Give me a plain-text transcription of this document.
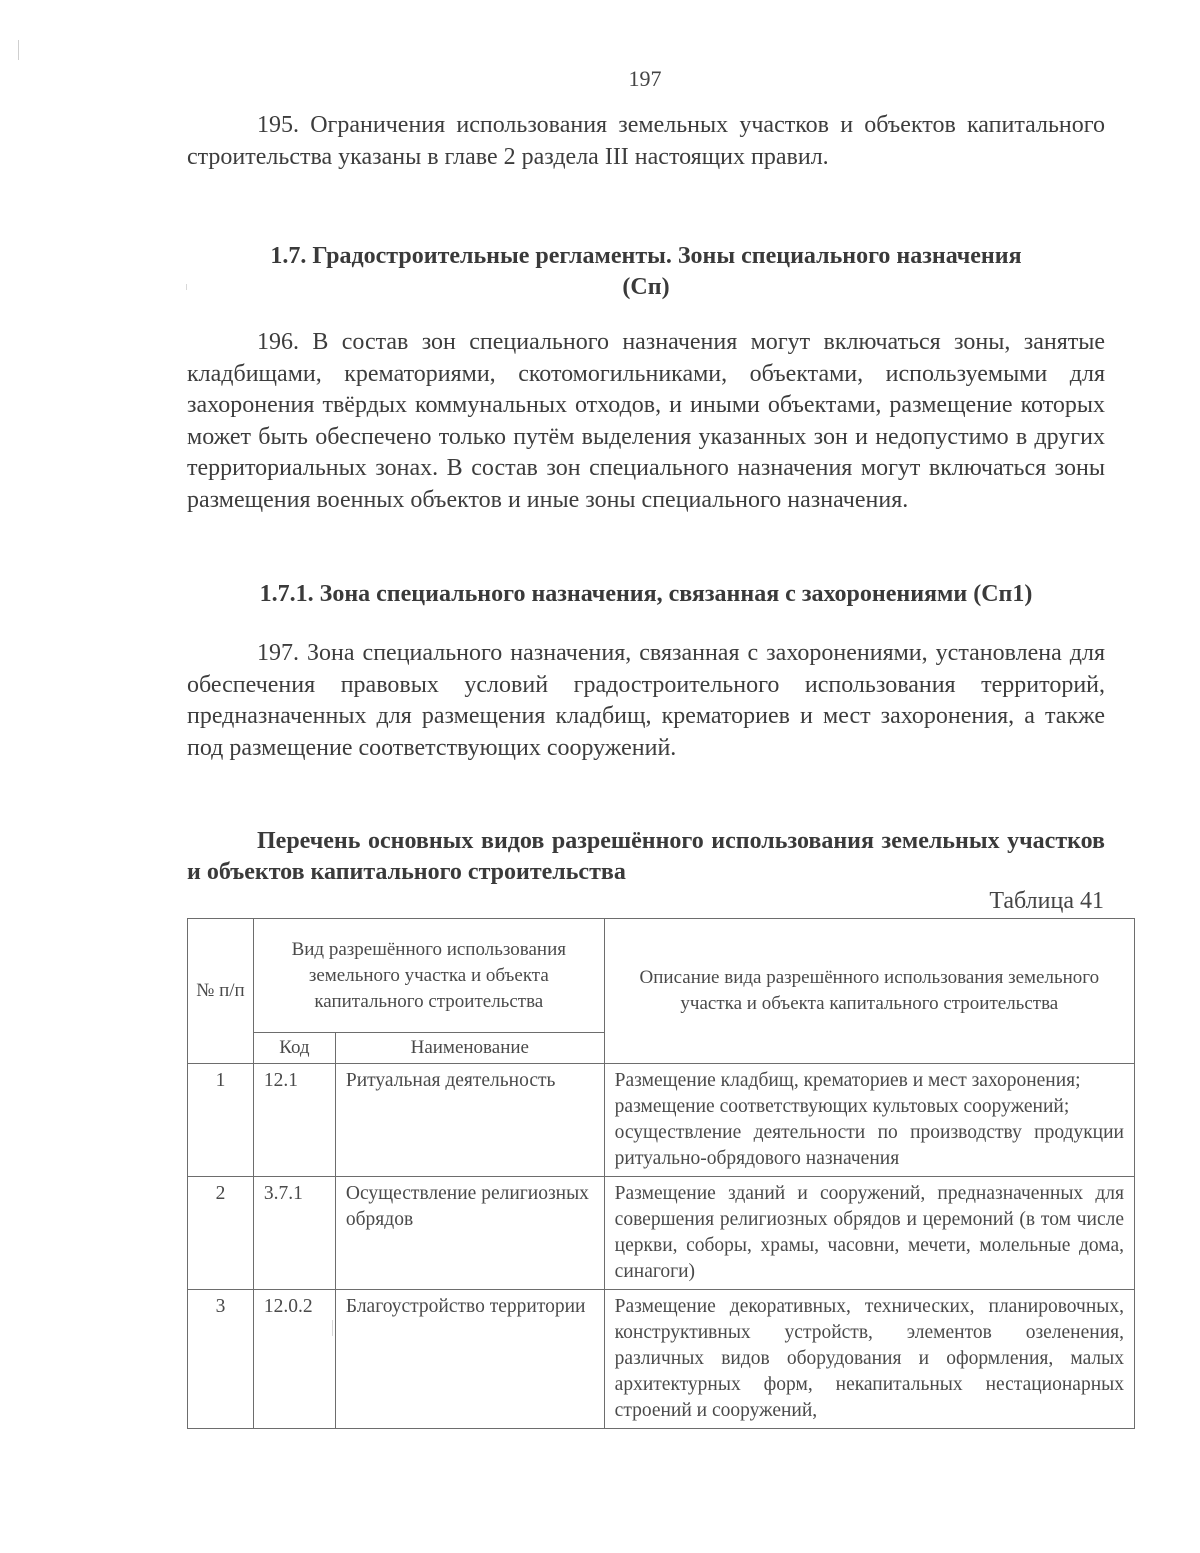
197

195. Ограничения использования земельных участков и объектов капитального строительства указаны в главе 2 раздела III настоящих правил.

1.7. Градостроительные регламенты. Зоны специального назначения
(Сп)

196. В состав зон специального назначения могут включаться зоны, занятые кладбищами, крематориями, скотомогильниками, объектами, используемыми для захоронения твёрдых коммунальных отходов, и иными объектами, размещение которых может быть обеспечено только путём выделения указанных зон и недопустимо в других территориальных зонах. В состав зон специального назначения могут включаться зоны размещения военных объектов и иные зоны специального назначения.

1.7.1. Зона специального назначения, связанная с захоронениями (Сп1)

197. Зона специального назначения, связанная с захоронениями, установлена для обеспечения правовых условий градостроительного использования территорий, предназначенных для размещения кладбищ, крематориев и мест захоронения, а также под размещение соответствующих сооружений.

Перечень основных видов разрешённого использования земельных участков и объектов капитального строительства
Таблица 41
№ п/п	Вид разрешённого использования земельного участка и объекта капитального строительства		Описание вида разрешённого использования земельного участка и объекта капитального строительства
	Код	Наименование	
1	12.1	Ритуальная деятельность	Размещение кладбищ, крематориев и мест захоронения;
размещение соответствующих культовых сооружений;
осуществление деятельности по производству продукции ритуально-обрядового назначения

2	3.7.1	Осуществление религиозных обрядов	Размещение зданий и сооружений, предназначенных для совершения религиозных обрядов и церемоний (в том числе церкви, соборы, храмы, часовни, мечети, молельные дома, синагоги)

3	12.0.2	Благоустройство территории	Размещение декоративных, технических, планировочных, конструктивных устройств, элементов озеленения, различных видов оборудования и оформления, малых архитектурных форм, некапитальных нестационарных строений и сооружений,
